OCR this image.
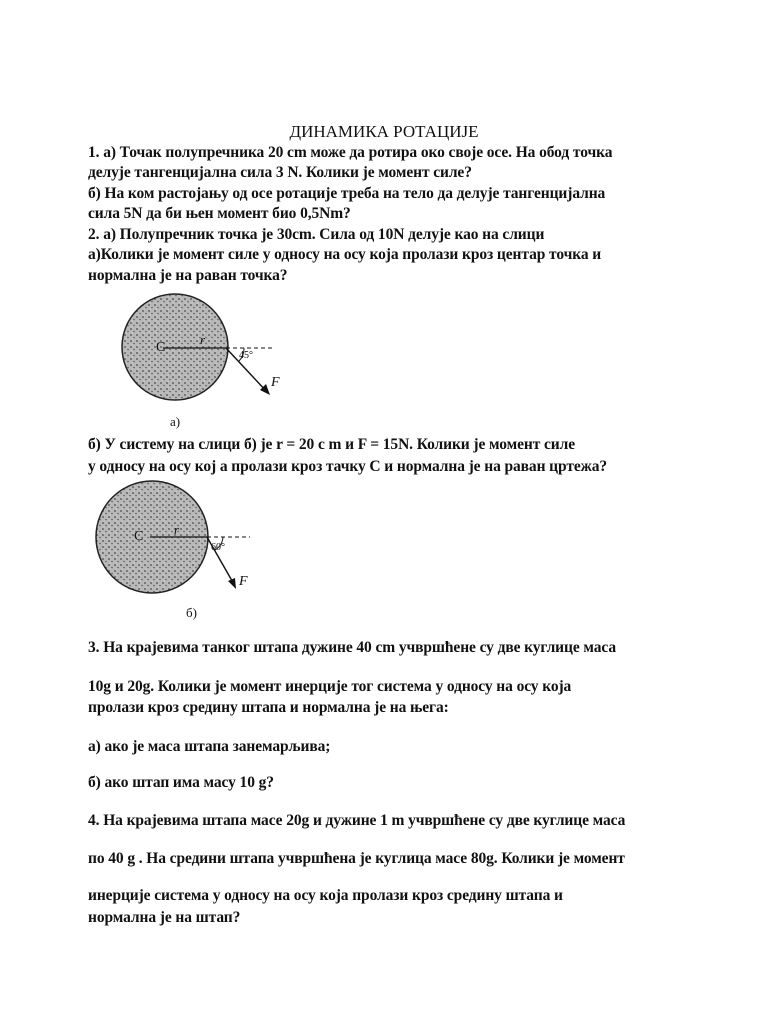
ДИНАМИКА РОТАЦИЈЕ
1. а) Точак полупречника 20 cm може да ротира око своје осе. На обод точка
делује тангенцијална сила 3 N. Колики је момент силе?
б) На ком растојању од осе ротације треба на тело да делује тангенцијална
сила 5N да би њен момент био 0,5Nm?
2. а) Полупречник точка је 30cm. Сила од 10N делује као на слици
а)Колики је момент силе у односу на осу која пролази кроз центар точка и
нормална је на раван точка?
C
r
45°
F
а)
б) У систему на слици б) је r = 20 c m и F = 15N. Колики је момент силе
у односу на осу кој а пролази кроз тачку C и нормална је на раван цртежа?
C r
60°
F
б)
3. На крајевима танког штапа дужине 40 cm учвршћене су две куглице маса
10g и 20g. Колики је момент инерције тог система у односу на осу која
пролази кроз средину штапа и нормална је на њега:
а) ако је маса штапа занемарљива;
б) ако штап има масу 10 g?
4. На крајевима штапа масе 20g и дужине 1 m учвршћене су две куглице маса
по 40 g . На средини штапа учвршћена је куглица масе 80g. Колики је момент
инерције система у односу на осу која пролази кроз средину штапа и
нормална је на штап?
